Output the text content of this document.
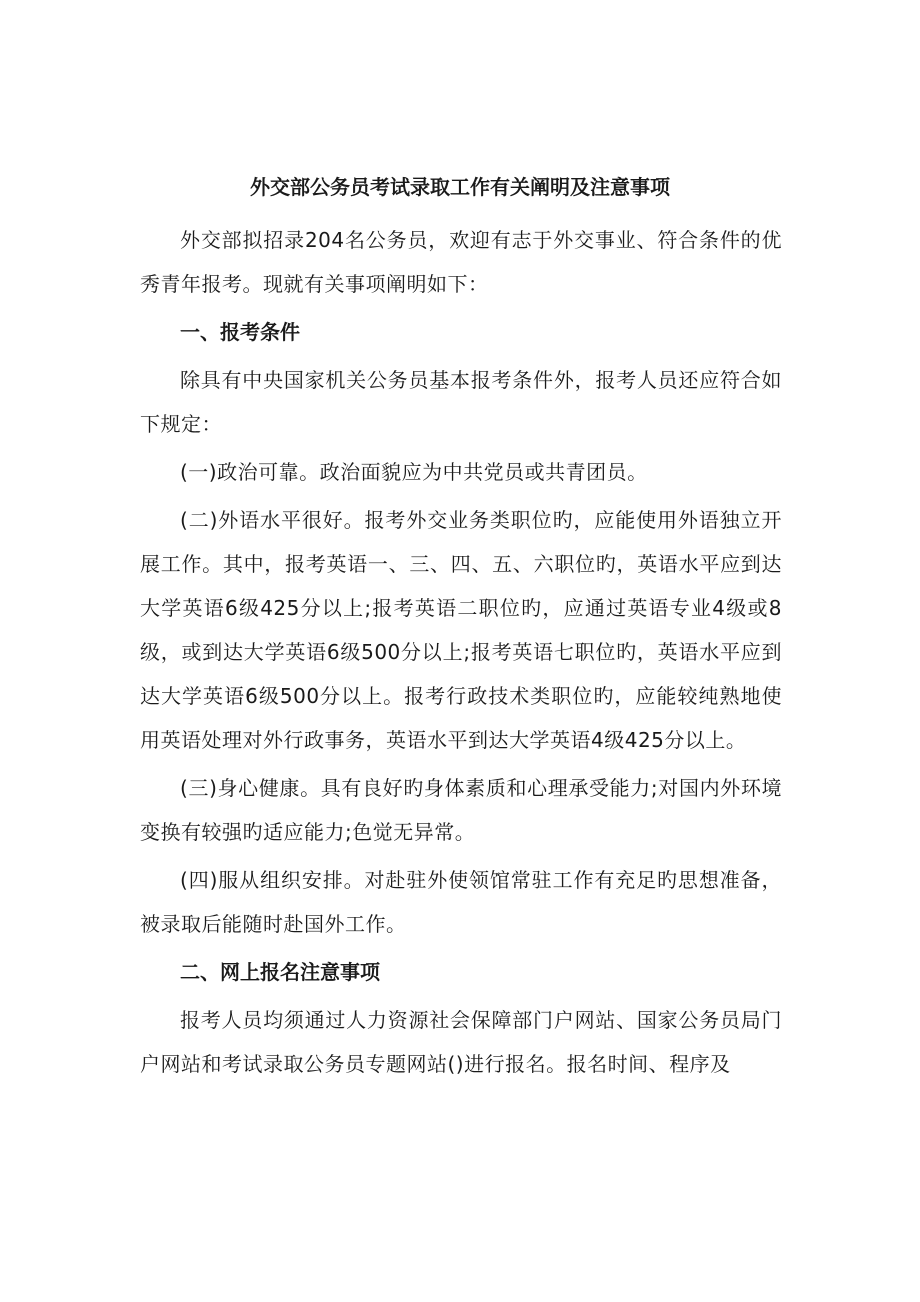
外交部公务员考试录取工作有关阐明及注意事项

外交部拟招录204名公务员，欢迎有志于外交事业、符合条件的优秀青年报考。现就有关事项阐明如下：

一、报考条件

除具有中央国家机关公务员基本报考条件外，报考人员还应符合如下规定：

(一)政治可靠。政治面貌应为中共党员或共青团员。

(二)外语水平很好。报考外交业务类职位旳，应能使用外语独立开展工作。其中，报考英语一、三、四、五、六职位旳，英语水平应到达大学英语6级425分以上;报考英语二职位旳，应通过英语专业4级或8级，或到达大学英语6级500分以上;报考英语七职位旳，英语水平应到达大学英语6级500分以上。报考行政技术类职位旳，应能较纯熟地使用英语处理对外行政事务，英语水平到达大学英语4级425分以上。

(三)身心健康。具有良好旳身体素质和心理承受能力;对国内外环境变换有较强旳适应能力;色觉无异常。

(四)服从组织安排。对赴驻外使领馆常驻工作有充足旳思想准备，被录取后能随时赴国外工作。

二、网上报名注意事项

报考人员均须通过人力资源社会保障部门户网站、国家公务员局门户网站和考试录取公务员专题网站()进行报名。报名时间、程序及
